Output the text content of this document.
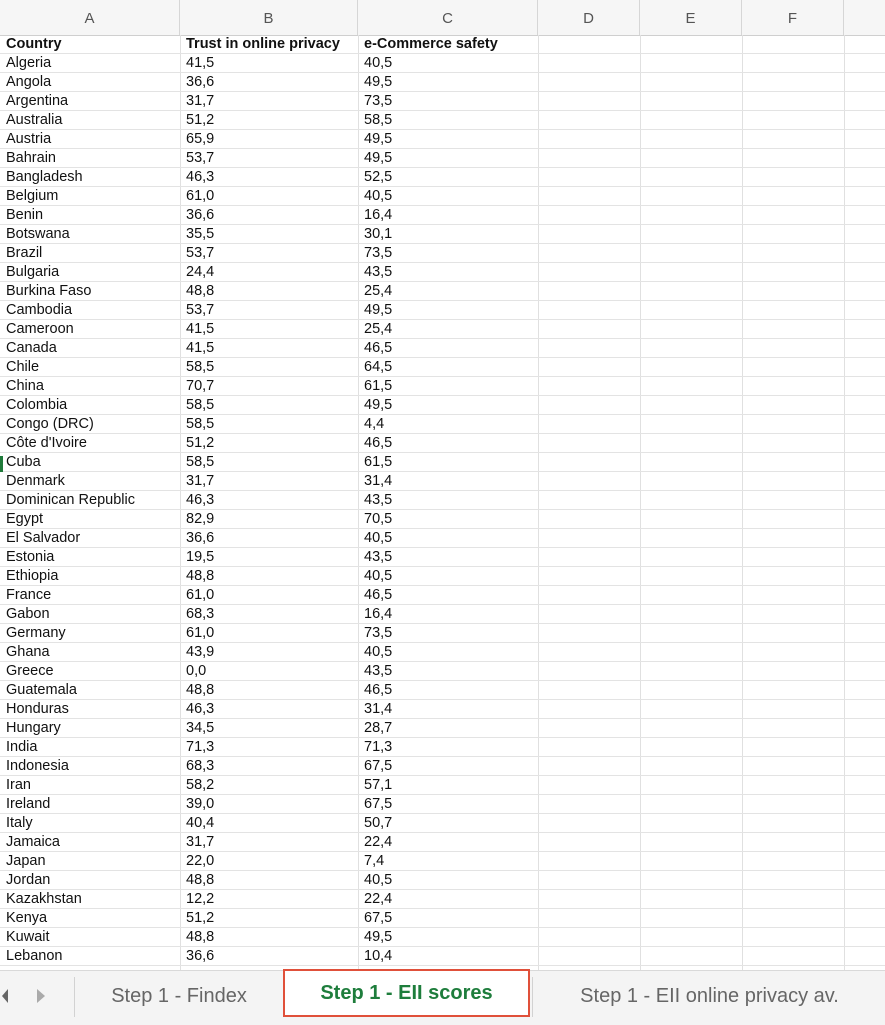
A	B	C	D	E	F
Country	Trust in online privacy	e-Commerce safety
Algeria	41,5	40,5
Angola	36,6	49,5
Argentina	31,7	73,5
Australia	51,2	58,5
Austria	65,9	49,5
Bahrain	53,7	49,5
Bangladesh	46,3	52,5
Belgium	61,0	40,5
Benin	36,6	16,4
Botswana	35,5	30,1
Brazil	53,7	73,5
Bulgaria	24,4	43,5
Burkina Faso	48,8	25,4
Cambodia	53,7	49,5
Cameroon	41,5	25,4
Canada	41,5	46,5
Chile	58,5	64,5
China	70,7	61,5
Colombia	58,5	49,5
Congo (DRC)	58,5	4,4
Côte d'Ivoire	51,2	46,5
Cuba	58,5	61,5
Denmark	31,7	31,4
Dominican Republic	46,3	43,5
Egypt	82,9	70,5
El Salvador	36,6	40,5
Estonia	19,5	43,5
Ethiopia	48,8	40,5
France	61,0	46,5
Gabon	68,3	16,4
Germany	61,0	73,5
Ghana	43,9	40,5
Greece	0,0	43,5
Guatemala	48,8	46,5
Honduras	46,3	31,4
Hungary	34,5	28,7
India	71,3	71,3
Indonesia	68,3	67,5
Iran	58,2	57,1
Ireland	39,0	67,5
Italy	40,4	50,7
Jamaica	31,7	22,4
Japan	22,0	7,4
Jordan	48,8	40,5
Kazakhstan	12,2	22,4
Kenya	51,2	67,5
Kuwait	48,8	49,5
Lebanon	36,6	10,4
Step 1 - Findex	Step 1 - EII scores	Step 1 - EII online privacy av.
